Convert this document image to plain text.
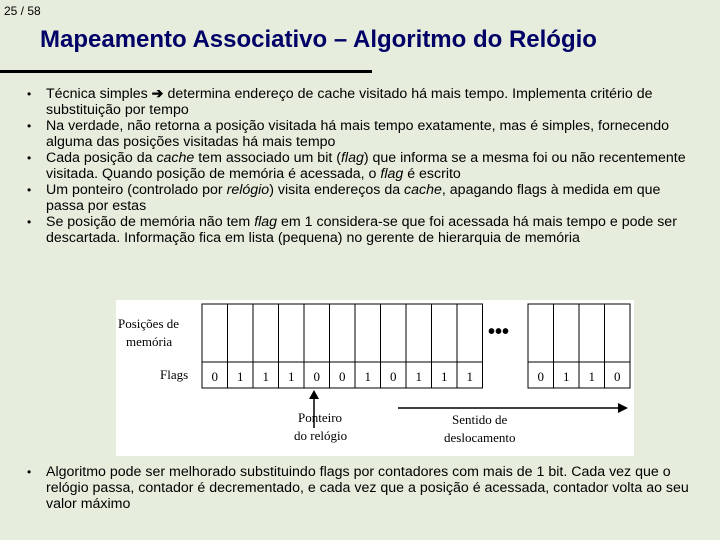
25 / 58
Mapeamento Associativo – Algoritmo do Relógio
• Técnica simples ➔ determina endereço de cache visitado há mais tempo. Implementa critério de substituição por tempo
• Na verdade, não retorna a posição visitada há mais tempo exatamente, mas é simples, fornecendo alguma das posições visitadas há mais tempo
• Cada posição da cache tem associado um bit (flag) que informa se a mesma foi ou não recentemente visitada. Quando posição de memória é acessada, o flag é escrito
• Um ponteiro (controlado por relógio) visita endereços da cache, apagando flags à medida em que passa por estas
• Se posição de memória não tem flag em 1 considera-se que foi acessada há mais tempo e pode ser descartada. Informação fica em lista (pequena) no gerente de hierarquia de memória
Posições de
memória
Flags 0 1 1 1 0 0 1 0 1 1 1	0 1 1 0
•••
Ponteiro
do relógio
Sentido de
deslocamento
• Algoritmo pode ser melhorado substituindo flags por contadores com mais de 1 bit. Cada vez que o relógio passa, contador é decrementado, e cada vez que a posição é acessada, contador volta ao seu valor máximo
